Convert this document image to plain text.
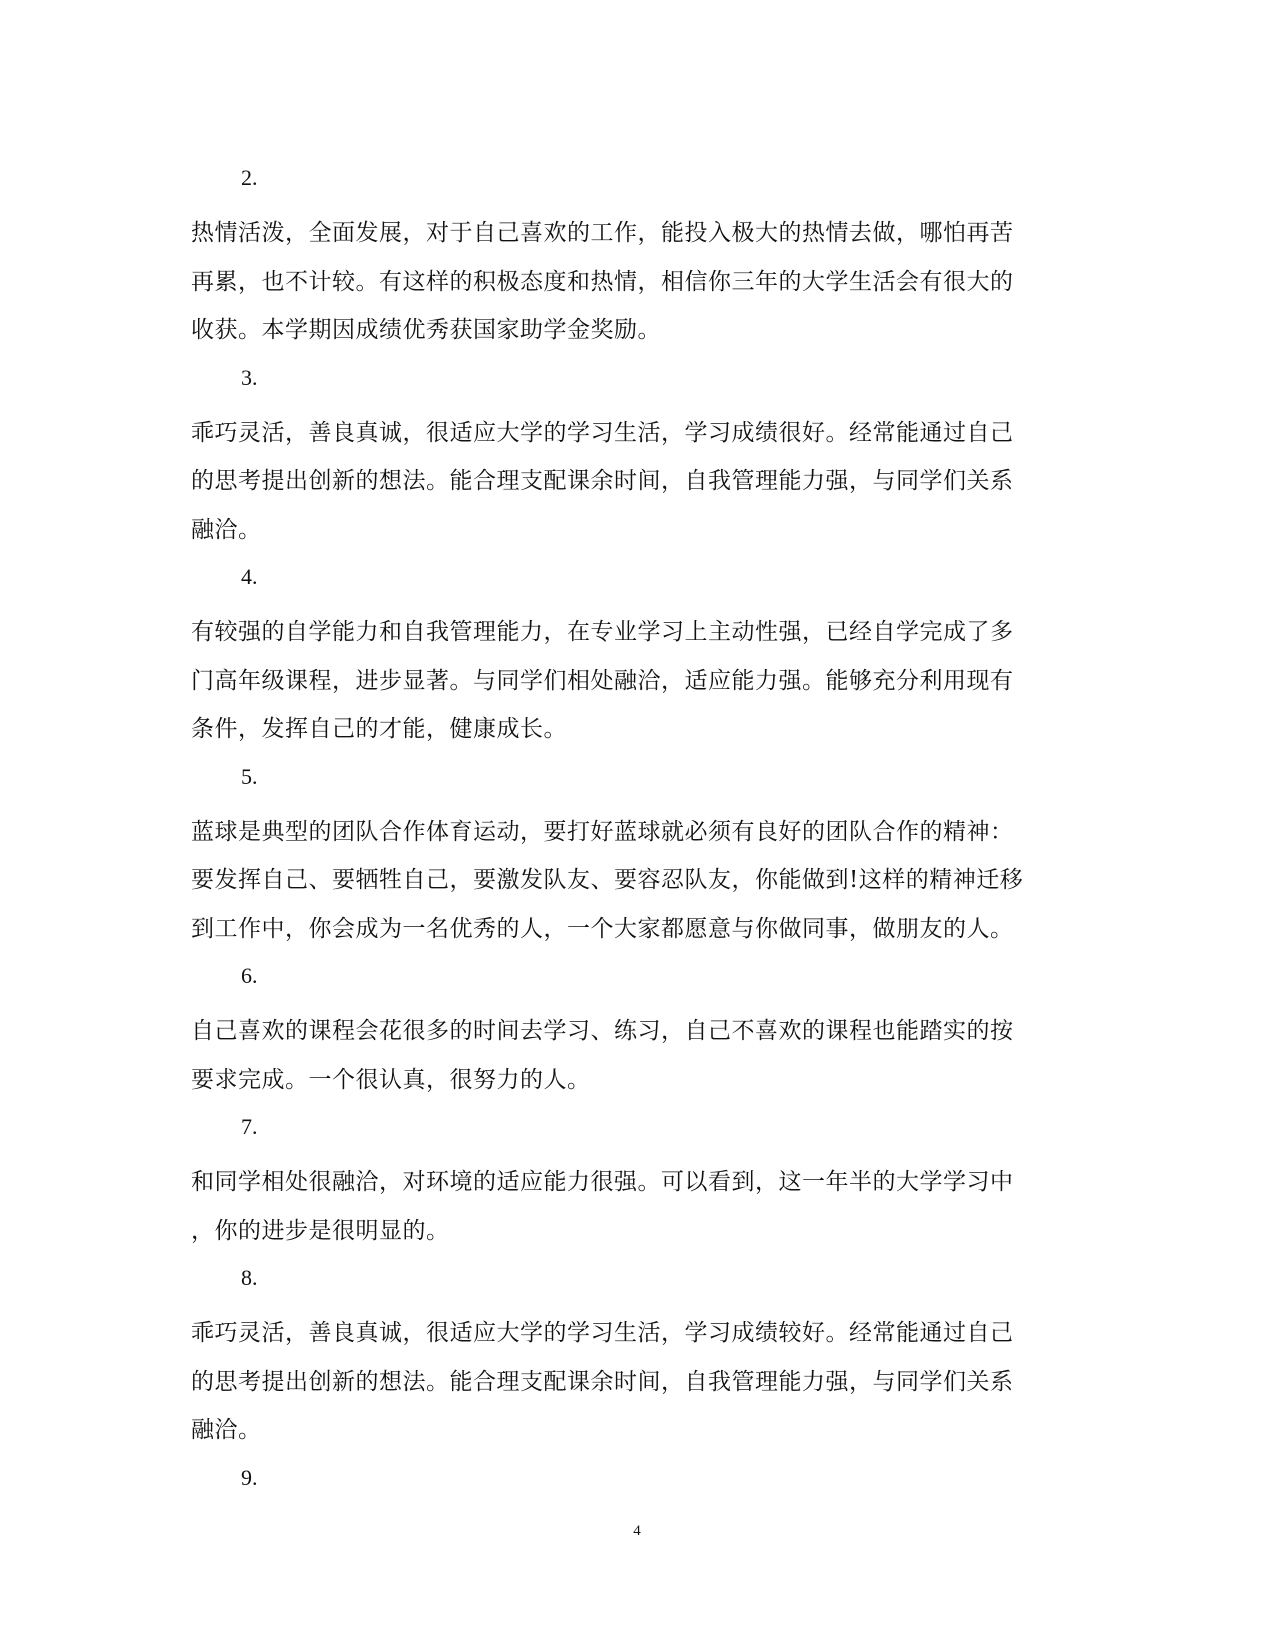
2.
热情活泼，全面发展，对于自己喜欢的工作，能投入极大的热情去做，哪怕再苦
再累，也不计较。有这样的积极态度和热情，相信你三年的大学生活会有很大的
收获。本学期因成绩优秀获国家助学金奖励。
3.
乖巧灵活，善良真诚，很适应大学的学习生活，学习成绩很好。经常能通过自己
的思考提出创新的想法。能合理支配课余时间，自我管理能力强，与同学们关系
融洽。
4.
有较强的自学能力和自我管理能力，在专业学习上主动性强，已经自学完成了多
门高年级课程，进步显著。与同学们相处融洽，适应能力强。能够充分利用现有
条件，发挥自己的才能，健康成长。
5.
蓝球是典型的团队合作体育运动，要打好蓝球就必须有良好的团队合作的精神：
要发挥自己、要牺牲自己，要激发队友、要容忍队友，你能做到!这样的精神迁移
到工作中，你会成为一名优秀的人，一个大家都愿意与你做同事，做朋友的人。
6.
自己喜欢的课程会花很多的时间去学习、练习，自己不喜欢的课程也能踏实的按
要求完成。一个很认真，很努力的人。
7.
和同学相处很融洽，对环境的适应能力很强。可以看到，这一年半的大学学习中
，你的进步是很明显的。
8.
乖巧灵活，善良真诚，很适应大学的学习生活，学习成绩较好。经常能通过自己
的思考提出创新的想法。能合理支配课余时间，自我管理能力强，与同学们关系
融洽。
9.
4
